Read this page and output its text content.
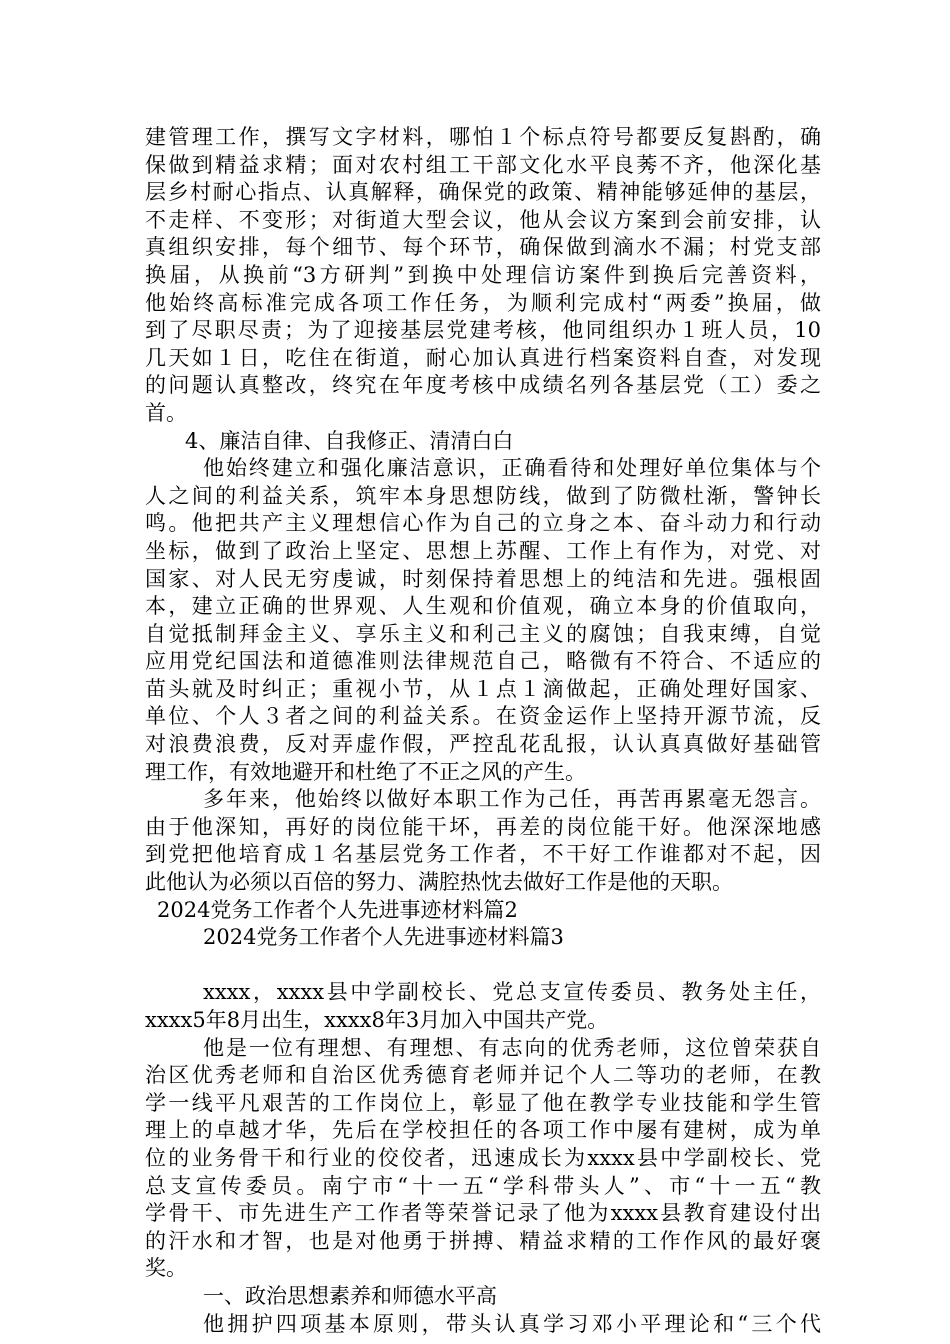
建管理工作，撰写文字材料，哪怕１个标点符号都要反复斟酌，确
保做到精益求精；面对农村组工干部文化水平良莠不齐，他深化基
层乡村耐心指点、认真解释，确保党的政策、精神能够延伸的基层，
不走样、不变形；对街道大型会议，他从会议方案到会前安排，认
真组织安排，每个细节、每个环节，确保做到滴水不漏；村党支部
换届，从换前“3方研判”到换中处理信访案件到换后完善资料，
他始终高标准完成各项工作任务，为顺利完成村“两委”换届，做
到了尽职尽责；为了迎接基层党建考核，他同组织办１班人员，10
几天如１日，吃住在街道，耐心加认真进行档案资料自查，对发现
的问题认真整改，终究在年度考核中成绩名列各基层党（工）委之
首。
4、廉洁自律、自我修正、清清白白
他始终建立和强化廉洁意识，正确看待和处理好单位集体与个
人之间的利益关系，筑牢本身思想防线，做到了防微杜渐，警钟长
鸣。他把共产主义理想信心作为自己的立身之本、奋斗动力和行动
坐标，做到了政治上坚定、思想上苏醒、工作上有作为，对党、对
国家、对人民无穷虔诚，时刻保持着思想上的纯洁和先进。强根固
本，建立正确的世界观、人生观和价值观，确立本身的价值取向，
自觉抵制拜金主义、享乐主义和利己主义的腐蚀；自我束缚，自觉
应用党纪国法和道德准则法律规范自己，略微有不符合、不适应的
苗头就及时纠正；重视小节，从１点１滴做起，正确处理好国家、
单位、个人３者之间的利益关系。在资金运作上坚持开源节流，反
对浪费浪费，反对弄虚作假，严控乱花乱报，认认真真做好基础管
理工作，有效地避开和杜绝了不正之风的产生。
多年来，他始终以做好本职工作为己任，再苦再累毫无怨言。
由于他深知，再好的岗位能干坏，再差的岗位能干好。他深深地感
到党把他培育成１名基层党务工作者，不干好工作谁都对不起，因
此他认为必须以百倍的努力、满腔热忱去做好工作是他的天职。
2024党务工作者个人先进事迹材料篇2
2024党务工作者个人先进事迹材料篇3
xxxx，xxxx县中学副校长、党总支宣传委员、教务处主任，
xxxx5年8月出生，xxxx8年3月加入中国共产党。
他是一位有理想、有理想、有志向的优秀老师，这位曾荣获自
治区优秀老师和自治区优秀德育老师并记个人二等功的老师，在教
学一线平凡艰苦的工作岗位上，彰显了他在教学专业技能和学生管
理上的卓越才华，先后在学校担任的各项工作中屡有建树，成为单
位的业务骨干和行业的佼佼者，迅速成长为xxxx县中学副校长、党
总支宣传委员。南宁市“十一五“学科带头人”、市“十一五“教
学骨干、市先进生产工作者等荣誉记录了他为xxxx县教育建设付出
的汗水和才智，也是对他勇于拼搏、精益求精的工作作风的最好褒
奖。
一、政治思想素养和师德水平高
他拥护四项基本原则，带头认真学习邓小平理论和“三个代
